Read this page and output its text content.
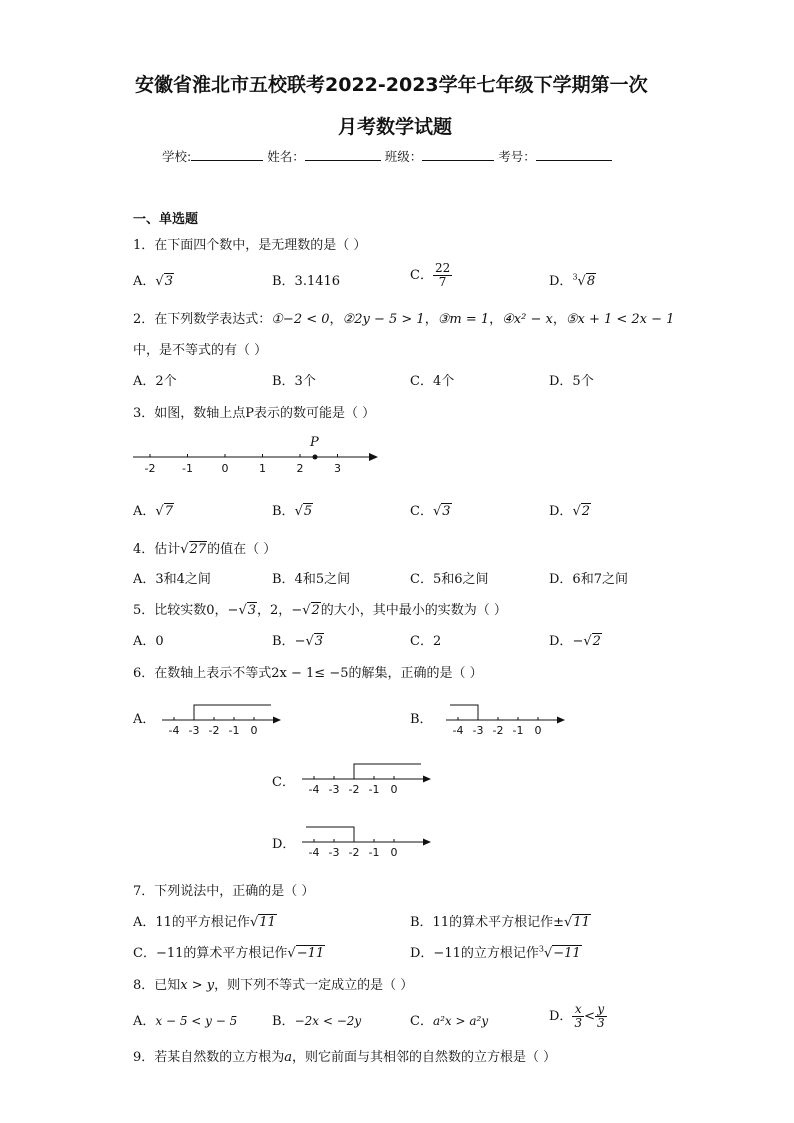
安徽省淮北市五校联考2022-2023学年七年级下学期第一次
月考数学试题
学校:	姓名：	班级：	考号：
一、单选题
1．在下面四个数中，是无理数的是（ ）
A．√3	B．3.1416	C． $\frac{22}{7}$	D．$^3$√8
2．在下列数学表达式：①−2 < 0，②2y − 5 > 1，③m = 1，④x² − x，⑤x + 1 < 2x − 1
中，是不等式的有（ ）
A．2个	B．3个	C．4个	D．5个
3．如图，数轴上点P表示的数可能是（ ）
-2 -1	0	1	2	3
P
A．√7	B．√5	C．√3	D．√2
4．估计√27的值在（ ）
A．3和4之间	B．4和5之间	C．5和6之间	D．6和7之间
5．比较实数0，−√3，2，−√2的大小，其中最小的实数为（ ）
A．0	B．−√3	C．2	D．−√2
6．在数轴上表示不等式2x − 1≤ −5的解集，正确的是（ ）
A．
-4 -3 -2 -1 0
B．
-4 -3 -2 -1 0
C． -4 -3 -2 -1 0
D．
-4 -3 -2 -1 0
7．下列说法中，正确的是（ ）
A．11的平方根记作√11	B．11的算术平方根记作±√11
C．−11的算术平方根记作√−11	D．−11的立方根记作$^3$√−11
8．已知x > y，则下列不等式一定成立的是（ ）
A．x − 5 < y − 5	B．−2x < −2y	C．a²x > a²y	D． $\frac{x}{3} < \frac{y}{3}$
9．若某自然数的立方根为a，则它前面与其相邻的自然数的立方根是（ ）
